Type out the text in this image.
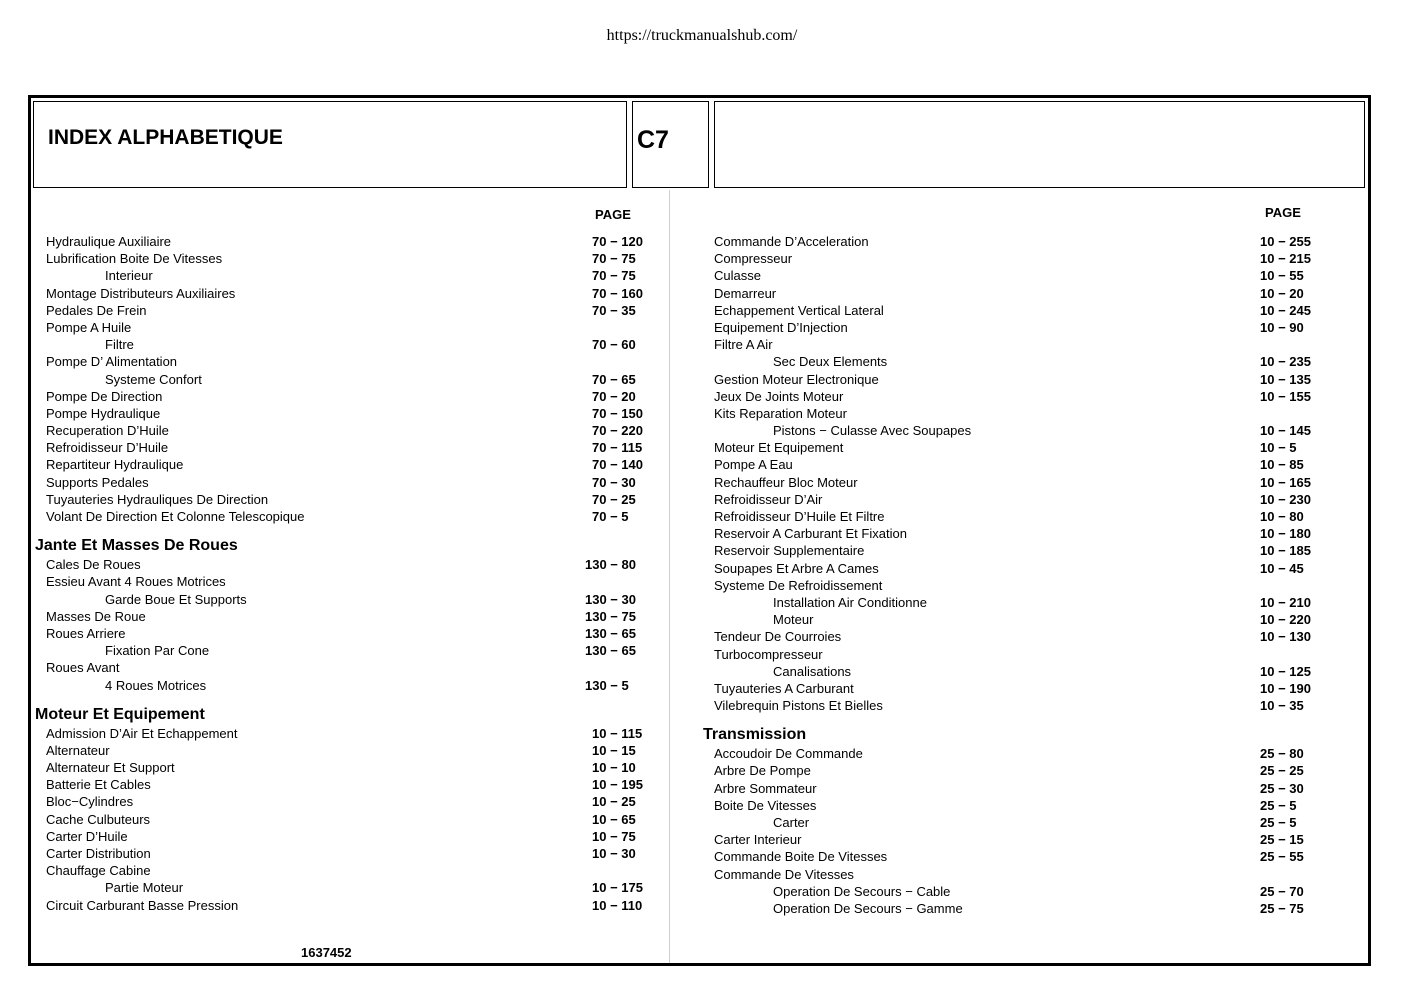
https://truckmanualshub.com/
INDEX ALPHABETIQUE	C7
PAGE	PAGE
Hydraulique Auxiliaire	70 − 120
Lubrification Boite De Vitesses	70 − 75
Interieur	70 − 75
Montage Distributeurs Auxiliaires	70 − 160
Pedales De Frein	70 − 35
Pompe A Huile
Filtre	70 − 60
Pompe D’ Alimentation
Systeme Confort	70 − 65
Pompe De Direction	70 − 20
Pompe Hydraulique	70 − 150
Recuperation D’Huile	70 − 220
Refroidisseur D’Huile	70 − 115
Repartiteur Hydraulique	70 − 140
Supports Pedales	70 − 30
Tuyauteries Hydrauliques De Direction	70 − 25
Volant De Direction Et Colonne Telescopique	70 − 5
Jante Et Masses De Roues
Cales De Roues	130 − 80
Essieu Avant 4 Roues Motrices
Garde Boue Et Supports	130 − 30
Masses De Roue	130 − 75
Roues Arriere	130 − 65
Fixation Par Cone	130 − 65
Roues Avant
4 Roues Motrices	130 − 5
Moteur Et Equipement
Admission D’Air Et Echappement	10 − 115
Alternateur	10 − 15
Alternateur Et Support	10 − 10
Batterie Et Cables	10 − 195
Bloc−Cylindres	10 − 25
Cache Culbuteurs	10 − 65
Carter D’Huile	10 − 75
Carter Distribution	10 − 30
Chauffage Cabine
Partie Moteur	10 − 175
Circuit Carburant Basse Pression	10 − 110
Commande D’Acceleration	10 − 255
Compresseur	10 − 215
Culasse	10 − 55
Demarreur	10 − 20
Echappement Vertical Lateral	10 − 245
Equipement D’Injection	10 − 90
Filtre A Air
Sec Deux Elements	10 − 235
Gestion Moteur Electronique	10 − 135
Jeux De Joints Moteur	10 − 155
Kits Reparation Moteur
Pistons − Culasse Avec Soupapes	10 − 145
Moteur Et Equipement	10 − 5
Pompe A Eau	10 − 85
Rechauffeur Bloc Moteur	10 − 165
Refroidisseur D’Air	10 − 230
Refroidisseur D’Huile Et Filtre	10 − 80
Reservoir A Carburant Et Fixation	10 − 180
Reservoir Supplementaire	10 − 185
Soupapes Et Arbre A Cames	10 − 45
Systeme De Refroidissement
Installation Air Conditionne	10 − 210
Moteur	10 − 220
Tendeur De Courroies	10 − 130
Turbocompresseur
Canalisations	10 − 125
Tuyauteries A Carburant	10 − 190
Vilebrequin Pistons Et Bielles	10 − 35
Transmission
Accoudoir De Commande	25 − 80
Arbre De Pompe	25 − 25
Arbre Sommateur	25 − 30
Boite De Vitesses	25 − 5
Carter	25 − 5
Carter Interieur	25 − 15
Commande Boite De Vitesses	25 − 55
Commande De Vitesses
Operation De Secours − Cable	25 − 70
Operation De Secours − Gamme	25 − 75
1637452
